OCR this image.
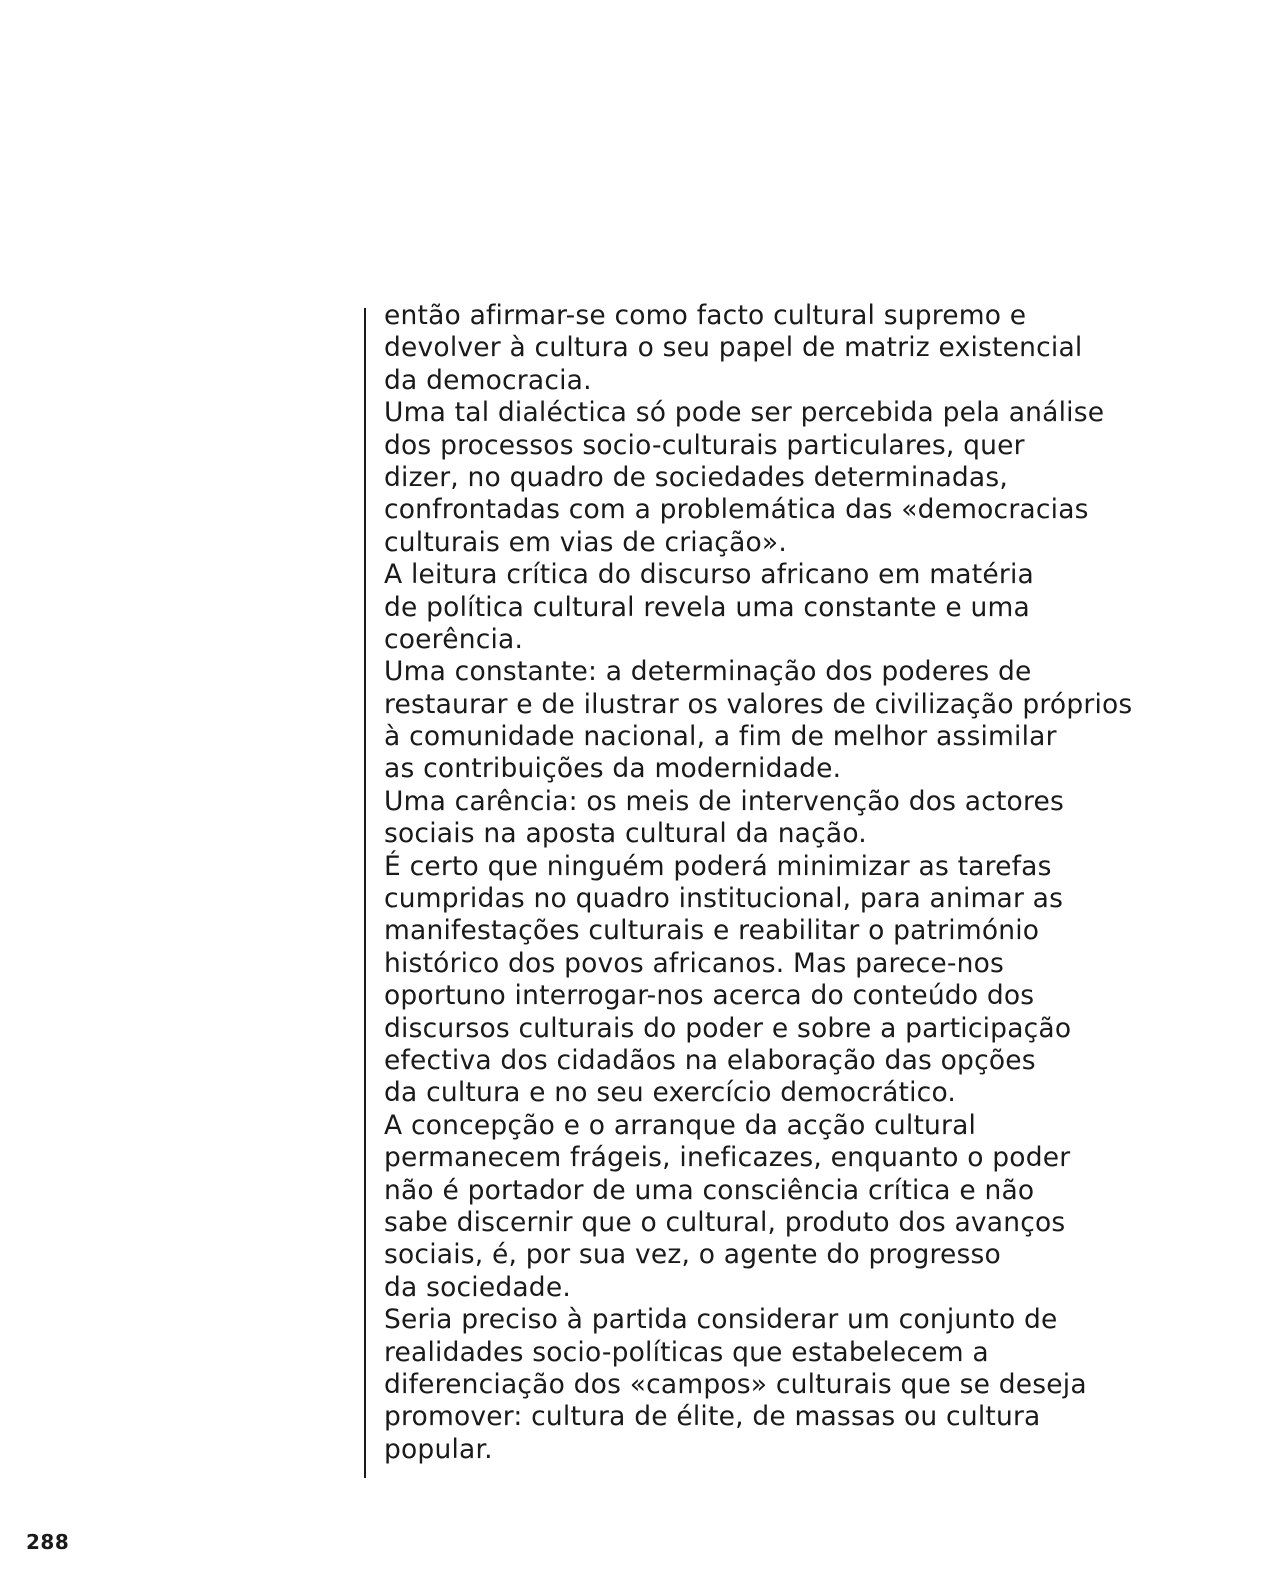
então afirmar-se como facto cultural supremo e
devolver à cultura o seu papel de matriz existencial
da democracia.
Uma tal dialéctica só pode ser percebida pela análise
dos processos socio-culturais particulares, quer
dizer, no quadro de sociedades determinadas,
confrontadas com a problemática das «democracias
culturais em vias de criação».
A leitura crítica do discurso africano em matéria
de política cultural revela uma constante e uma
coerência.
Uma constante: a determinação dos poderes de
restaurar e de ilustrar os valores de civilização próprios
à comunidade nacional, a fim de melhor assimilar
as contribuições da modernidade.
Uma carência: os meis de intervenção dos actores
sociais na aposta cultural da nação.
É certo que ninguém poderá minimizar as tarefas
cumpridas no quadro institucional, para animar as
manifestações culturais e reabilitar o património
histórico dos povos africanos. Mas parece-nos
oportuno interrogar-nos acerca do conteúdo dos
discursos culturais do poder e sobre a participação
efectiva dos cidadãos na elaboração das opções
da cultura e no seu exercício democrático.
A concepção e o arranque da acção cultural
permanecem frágeis, ineficazes, enquanto o poder
não é portador de uma consciência crítica e não
sabe discernir que o cultural, produto dos avanços
sociais, é, por sua vez, o agente do progresso
da sociedade.
Seria preciso à partida considerar um conjunto de
realidades socio-políticas que estabelecem a
diferenciação dos «campos» culturais que se deseja
promover: cultura de élite, de massas ou cultura
popular.
288
